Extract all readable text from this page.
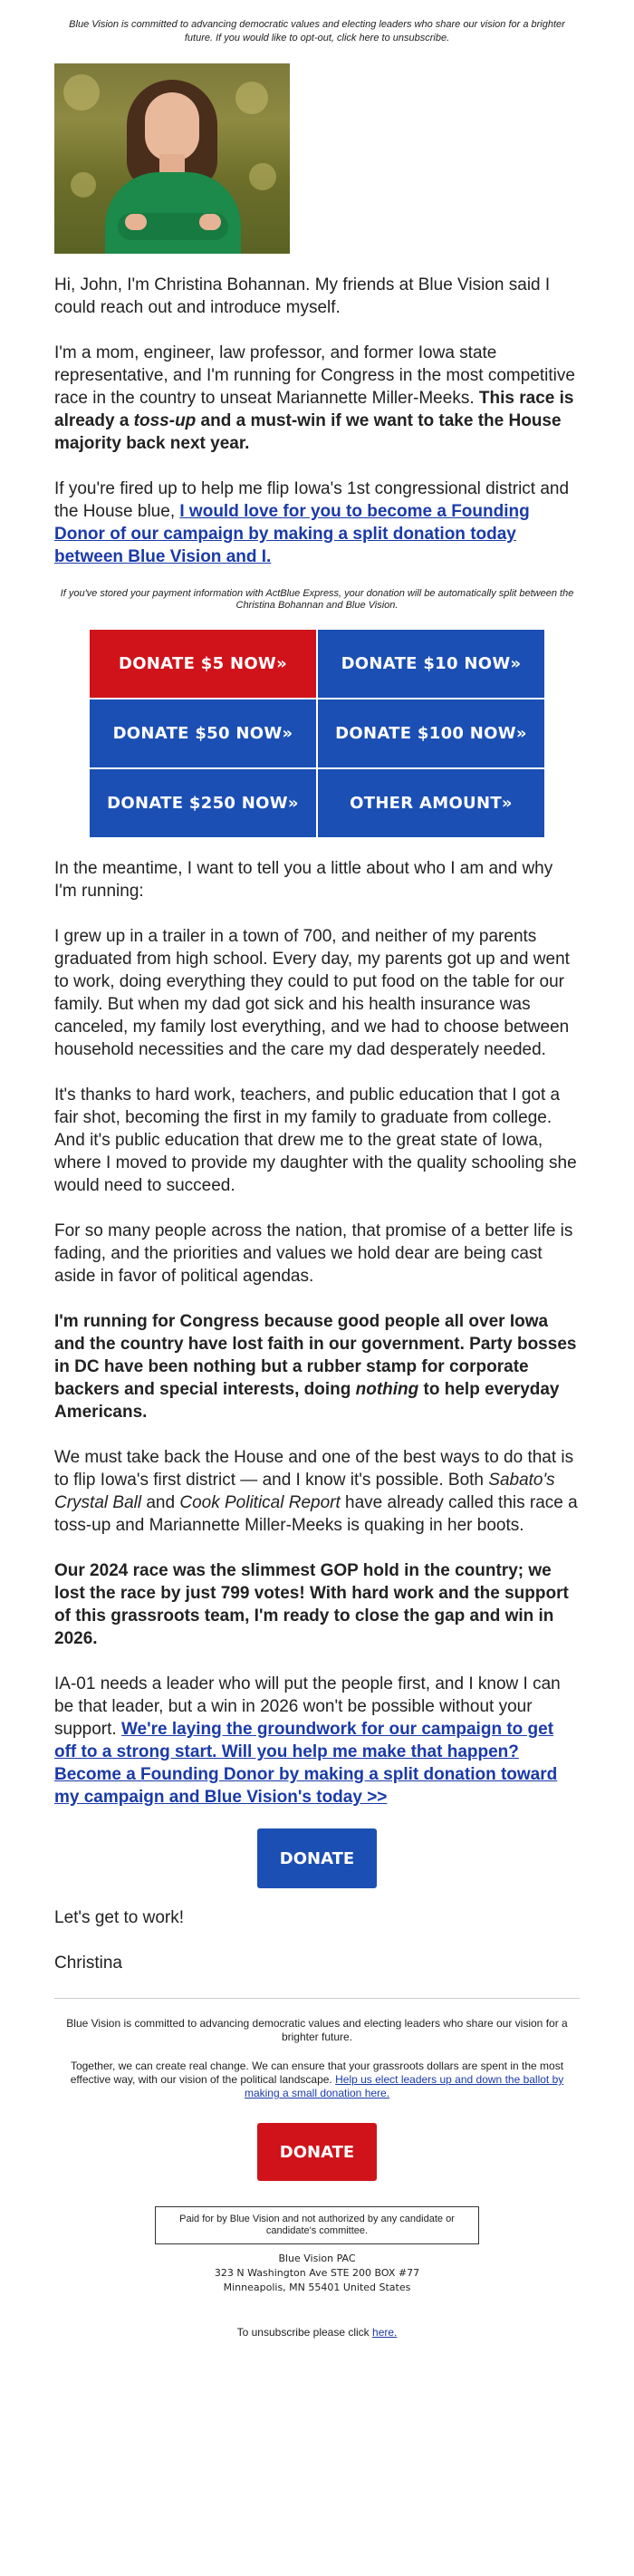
Blue Vision is committed to advancing democratic values and electing leaders who share our vision for a brighter future. If you would like to opt-out, click here to unsubscribe.

Hi, John, I'm Christina Bohannan. My friends at Blue Vision said I could reach out and introduce myself.

I'm a mom, engineer, law professor, and former Iowa state representative, and I'm running for Congress in the most competitive race in the country to unseat Mariannette Miller-Meeks. This race is already a toss-up and a must-win if we want to take the House majority back next year.

If you're fired up to help me flip Iowa's 1st congressional district and the House blue, I would love for you to become a Founding Donor of our campaign by making a split donation today between Blue Vision and I.

If you've stored your payment information with ActBlue Express, your donation will be automatically split between the Christina Bohannan and Blue Vision.

DONATE $5 NOW»	DONATE $10 NOW»
DONATE $50 NOW»	DONATE $100 NOW»
DONATE $250 NOW»	OTHER AMOUNT»

In the meantime, I want to tell you a little about who I am and why I'm running:

I grew up in a trailer in a town of 700, and neither of my parents graduated from high school. Every day, my parents got up and went to work, doing everything they could to put food on the table for our family. But when my dad got sick and his health insurance was canceled, my family lost everything, and we had to choose between household necessities and the care my dad desperately needed.

It's thanks to hard work, teachers, and public education that I got a fair shot, becoming the first in my family to graduate from college. And it's public education that drew me to the great state of Iowa, where I moved to provide my daughter with the quality schooling she would need to succeed.

For so many people across the nation, that promise of a better life is fading, and the priorities and values we hold dear are being cast aside in favor of political agendas.

I'm running for Congress because good people all over Iowa and the country have lost faith in our government. Party bosses in DC have been nothing but a rubber stamp for corporate backers and special interests, doing nothing to help everyday Americans.

We must take back the House and one of the best ways to do that is to flip Iowa's first district — and I know it's possible. Both Sabato's Crystal Ball and Cook Political Report have already called this race a toss-up and Mariannette Miller-Meeks is quaking in her boots.

Our 2024 race was the slimmest GOP hold in the country; we lost the race by just 799 votes! With hard work and the support of this grassroots team, I'm ready to close the gap and win in 2026.

IA-01 needs a leader who will put the people first, and I know I can be that leader, but a win in 2026 won't be possible without your support. We're laying the groundwork for our campaign to get off to a strong start. Will you help me make that happen? Become a Founding Donor by making a split donation toward my campaign and Blue Vision's today >>

DONATE

Let's get to work!

Christina

Blue Vision is committed to advancing democratic values and electing leaders who share our vision for a brighter future.

Together, we can create real change. We can ensure that your grassroots dollars are spent in the most effective way, with our vision of the political landscape. Help us elect leaders up and down the ballot by making a small donation here.

DONATE
Paid for by Blue Vision and not authorized by any candidate or candidate's committee.
Blue Vision PAC
323 N Washington Ave STE 200 BOX #77
Minneapolis, MN 55401 United States

To unsubscribe please click here.
